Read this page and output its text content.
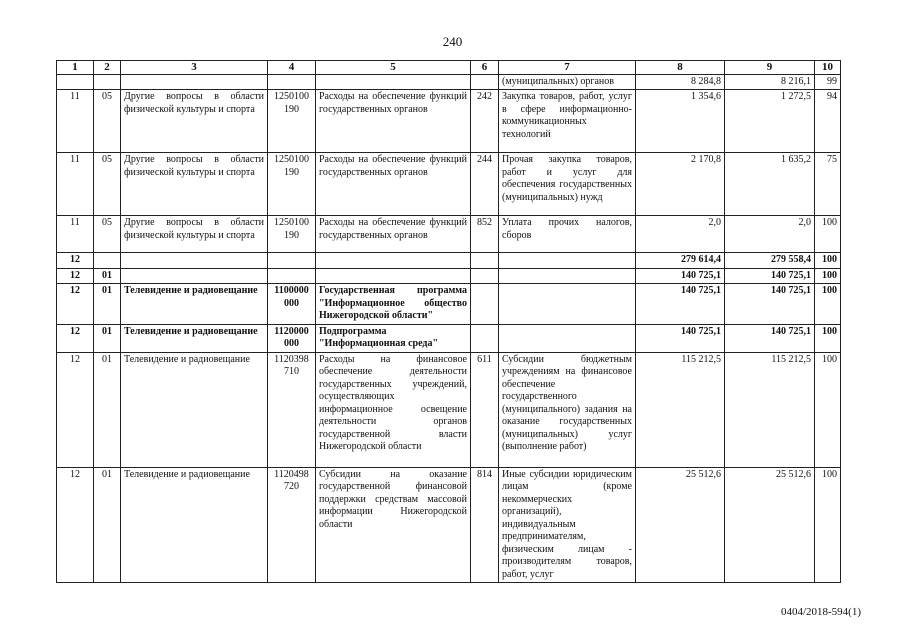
240
1	2	3	4	5	6	7	8	9	10
						(муниципальных) органов	8 284,8	8 216,1	99
11	05	Другие вопросы в области физической культуры и спорта	1250100 190	Расходы на обеспечение функций государственных органов	242	Закупка товаров, работ, услуг в сфере информационно-коммуникационных технологий	1 354,6	1 272,5	94
11	05	Другие вопросы в области физической культуры и спорта	1250100 190	Расходы на обеспечение функций государственных органов	244	Прочая закупка товаров, работ и услуг для обеспечения государственных (муниципальных) нужд	2 170,8	1 635,2	75
11	05	Другие вопросы в области физической культуры и спорта	1250100 190	Расходы на обеспечение функций государственных органов	852	Уплата прочих налогов, сборов	2,0	2,0	100
12							279 614,4	279 558,4	100
12	01						140 725,1	140 725,1	100
12	01	Телевидение и радиовещание	1100000 000	Государственная программа "Информационное общество Нижегородской области"			140 725,1	140 725,1	100
12	01	Телевидение и радиовещание	1120000 000	Подпрограмма "Информационная среда"			140 725,1	140 725,1	100
12	01	Телевидение и радиовещание	1120398 710	Расходы на финансовое обеспечение деятельности государственных учреждений, осуществляющих информационное освещение деятельности органов государственной власти Нижегородской области	611	Субсидии бюджетным учреждениям на финансовое обеспечение государственного (муниципального) задания на оказание государственных (муниципальных) услуг (выполнение работ)	115 212,5	115 212,5	100
12	01	Телевидение и радиовещание	1120498 720	Субсидии на оказание государственной финансовой поддержки средствам массовой информации Нижегородской области	814	Иные субсидии юридическим лицам (кроме некоммерческих организаций), индивидуальным предпринимателям, физическим лицам - производителям товаров, работ, услуг	25 512,6	25 512,6	100
0404/2018-594(1)
